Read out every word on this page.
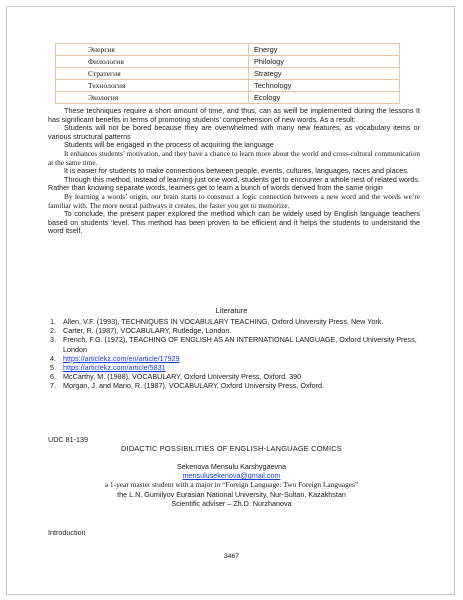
Энергия	Energy
Филология	Philology
Стратегия	Strategy
Технология	Technology
Экология	Ecology

These techniques require a short amount of time, and thus, can as weill be implemented during the lessons It has significant benefits in terms of promoting students’ comprehension of new words. As a result:

Students will not be bored because they are overwhelmed with many new features, as vocabulary items or various structural patterns

Students will be engaged in the process of acquiring the language

It enhances students’ motivation, and they have a chance to learn more about the world and cross-cultural communication at the same time.

It is easier for students to make connections between people, events, cultures, languages, races and places.

Through this method, instead of learning just one word, students get to encounter a whole nest of related words. Rather than knowing separate words, learners get to learn a bunch of words derived from the same origin

By learning a words’ origin, our brain starts to construct a logic connection between a new word and the words we’re familiar with. The more neural pathways it creates, the faster you get to memorize.

To conclude, the present paper explored the method which can be widely used by English language teachers based on students ‘level. This method has been proven to be efficient and it helps the students to understand the word itself.

Literature
1. Allen, V.F. (1993), TECHNIQUES IN VOCABULARY TEACHING, Oxford University Press, New York.
2. Carter, R. (1987), VOCABULARY, Rutledge, London.
3. French, F.G. (1972), TEACHING OF ENGLISH AS AN INTERNATIONAL LANGUAGE, Oxford University Press, London
4. https://articlekz.com/en/article/17929
5. https://articlekz.com/article/5831
6. McCarthy, M. (1988), VOCABULARY, Oxford University Press, Oxford. 390
7. Morgan, J. and Mario, R. (1987), VOCABULARY, Oxford University Press, Oxford.
UDC 81-139
DIDACTIC POSSIBILITIES OF ENGLISH-LANGUAGE COMICS
Sekenova Mensulu Karshygaevna
mensulusekenova@gmail.com
a 1-year master student with a major in “Foreign Language: Two Foreign Languages”
the L.N. Gumilyov Eurasian National University, Nur-Sultan, Kazakhstan
Scientific adviser – Zh.D. Nurzhanova
Introduction
3467
